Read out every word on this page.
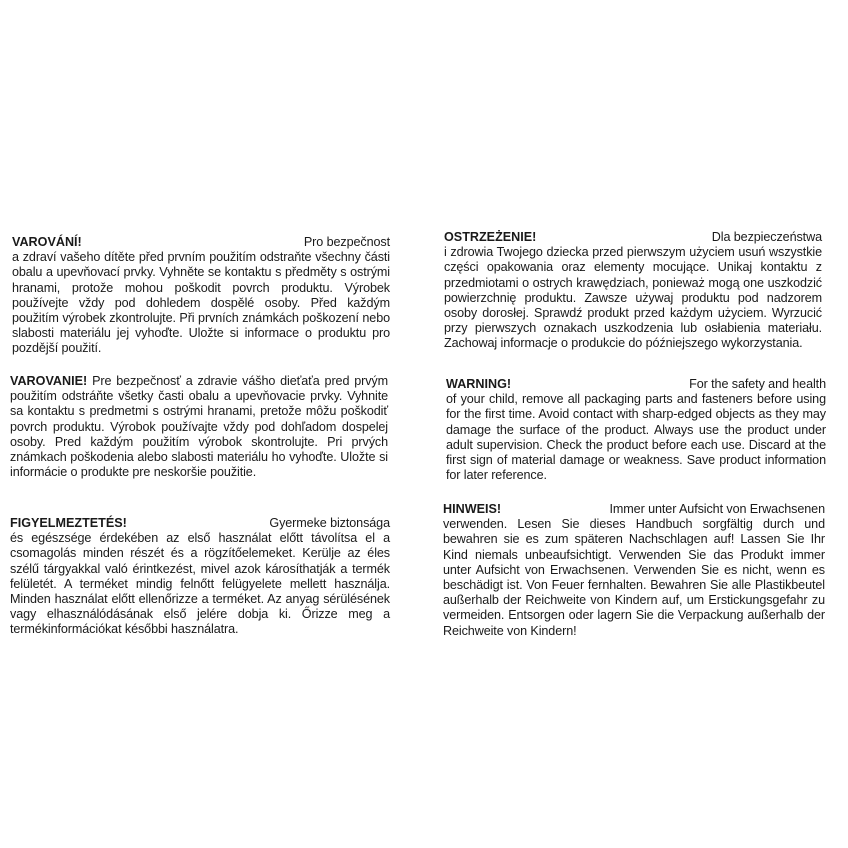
VAROVÁNÍ!	Pro bezpečnost
a zdraví vašeho dítěte před prvním použitím odstraňte všechny části obalu a upevňovací prvky. Vyhněte se kontaktu s předměty s ostrými hranami, protože mohou poškodit povrch produktu. Výrobek používejte vždy pod dohledem dospělé osoby. Před každým použitím výrobek zkontrolujte. Při prvních známkách poškození nebo slabosti materiálu jej vyhoďte. Uložte si informace o produktu pro pozdější použití.
VAROVANIE! Pre bezpečnosť a zdravie vášho dieťaťa pred prvým použitím odstráňte všetky časti obalu a upevňovacie prvky. Vyhnite sa kontaktu s predmetmi s ostrými hranami, pretože môžu poškodiť povrch produktu. Výrobok používajte vždy pod dohľadom dospelej osoby. Pred každým použitím výrobok skontrolujte. Pri prvých známkach poškodenia alebo slabosti materiálu ho vyhoďte. Uložte si informácie o produkte pre neskoršie použitie.
FIGYELMEZTETÉS!	Gyermeke biztonsága
és egészsége érdekében az első használat előtt távolítsa el a csomagolás minden részét és a rögzítőelemeket. Kerülje az éles szélű tárgyakkal való érintkezést, mivel azok károsíthatják a termék felületét. A terméket mindig felnőtt felügyelete mellett használja. Minden használat előtt ellenőrizze a terméket. Az anyag sérülésének vagy elhasználódásának első jelére dobja ki. Őrizze meg a termékinformációkat későbbi használatra.
OSTRZEŻENIE!	Dla bezpieczeństwa
i zdrowia Twojego dziecka przed pierwszym użyciem usuń wszystkie części opakowania oraz elementy mocujące. Unikaj kontaktu z przedmiotami o ostrych krawędziach, ponieważ mogą one uszkodzić powierzchnię produktu. Zawsze używaj produktu pod nadzorem osoby dorosłej. Sprawdź produkt przed każdym użyciem. Wyrzucić przy pierwszych oznakach uszkodzenia lub osłabienia materiału. Zachowaj informacje o produkcie do późniejszego wykorzystania.
WARNING!	For the safety and health
of your child, remove all packaging parts and fasteners before using for the first time. Avoid contact with sharp-edged objects as they may damage the surface of the product. Always use the product under adult supervision. Check the product before each use. Discard at the first sign of material damage or weakness. Save product information for later reference.
HINWEIS!	Immer unter Aufsicht von Erwachsenen
verwenden. Lesen Sie dieses Handbuch sorgfältig durch und bewahren sie es zum späteren Nachschlagen auf! Lassen Sie Ihr Kind niemals unbeaufsichtigt. Verwenden Sie das Produkt immer unter Aufsicht von Erwachsenen. Verwenden Sie es nicht, wenn es beschädigt ist. Von Feuer fernhalten. Bewahren Sie alle Plastikbeutel außerhalb der Reichweite von Kindern auf, um Erstickungsgefahr zu vermeiden. Entsorgen oder lagern Sie die Verpackung außerhalb der Reichweite von Kindern!
